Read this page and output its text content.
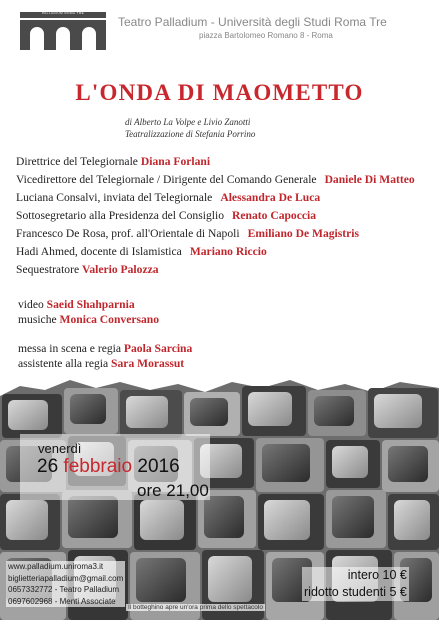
PALLADIUM ROMA TRE
Teatro Palladium - Università degli Studi Roma Tre
piazza Bartolomeo Romano 8 - Roma
L'ONDA DI MAOMETTO
di Alberto La Volpe e Livio Zanotti
Teatralizzazione di Stefania Porrino
Direttrice del Telegiornale Diana Forlani
Vicedirettore del Telegiornale / Dirigente del Comando Generale Daniele Di Matteo
Luciana Consalvi, inviata del Telegiornale Alessandra De Luca
Sottosegretario alla Presidenza del Consiglio Renato Capoccia
Francesco De Rosa, prof. all'Orientale di Napoli Emiliano De Magistris
Hadi Ahmed, docente di Islamistica Mariano Riccio
Sequestratore Valerio Palozza
video Saeid Shahparnia
musiche Monica Conversano
messa in scena e regia Paola Sarcina
assistente alla regia Sara Morassut
venerdì
26 febbraio 2016
ore 21,00
www.palladium.uniroma3.it
biglietteriapalladium@gmail.com
0657332772 - Teatro Palladium
0697602968 - Menti Associate
intero 10 €
ridotto studenti 5 €
Il botteghino apre un'ora prima dello spettacolo
